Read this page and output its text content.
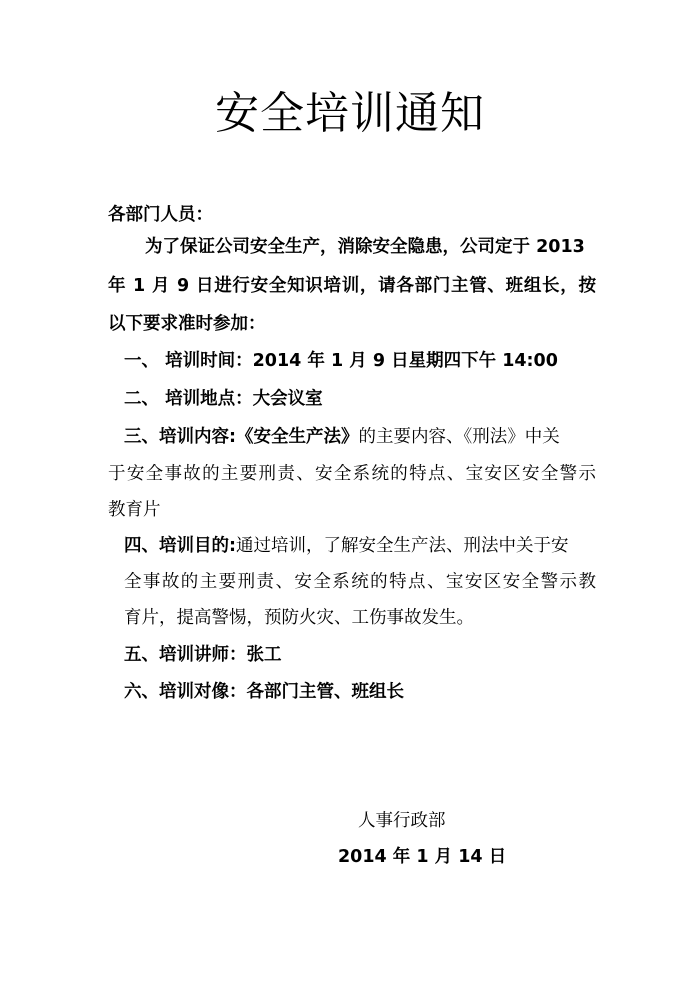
安全培训通知
各部门人员：
为了保证公司安全生产，消除安全隐患，公司定于 2013
年 1 月 9 日进行安全知识培训，请各部门主管、班组长，按
以下要求准时参加：
一、 培训时间：2014 年 1 月 9 日星期四下午 14:00
二、 培训地点：大会议室
三、培训内容:《安全生产法》的主要内容、《刑法》中关
于安全事故的主要刑责、安全系统的特点、宝安区安全警示
教育片
四、培训目的:通过培训，了解安全生产法、刑法中关于安
全事故的主要刑责、安全系统的特点、宝安区安全警示教
育片，提高警惕，预防火灾、工伤事故发生。
五、培训讲师：张工
六、培训对像：各部门主管、班组长
人事行政部
2014 年 1 月 14 日
